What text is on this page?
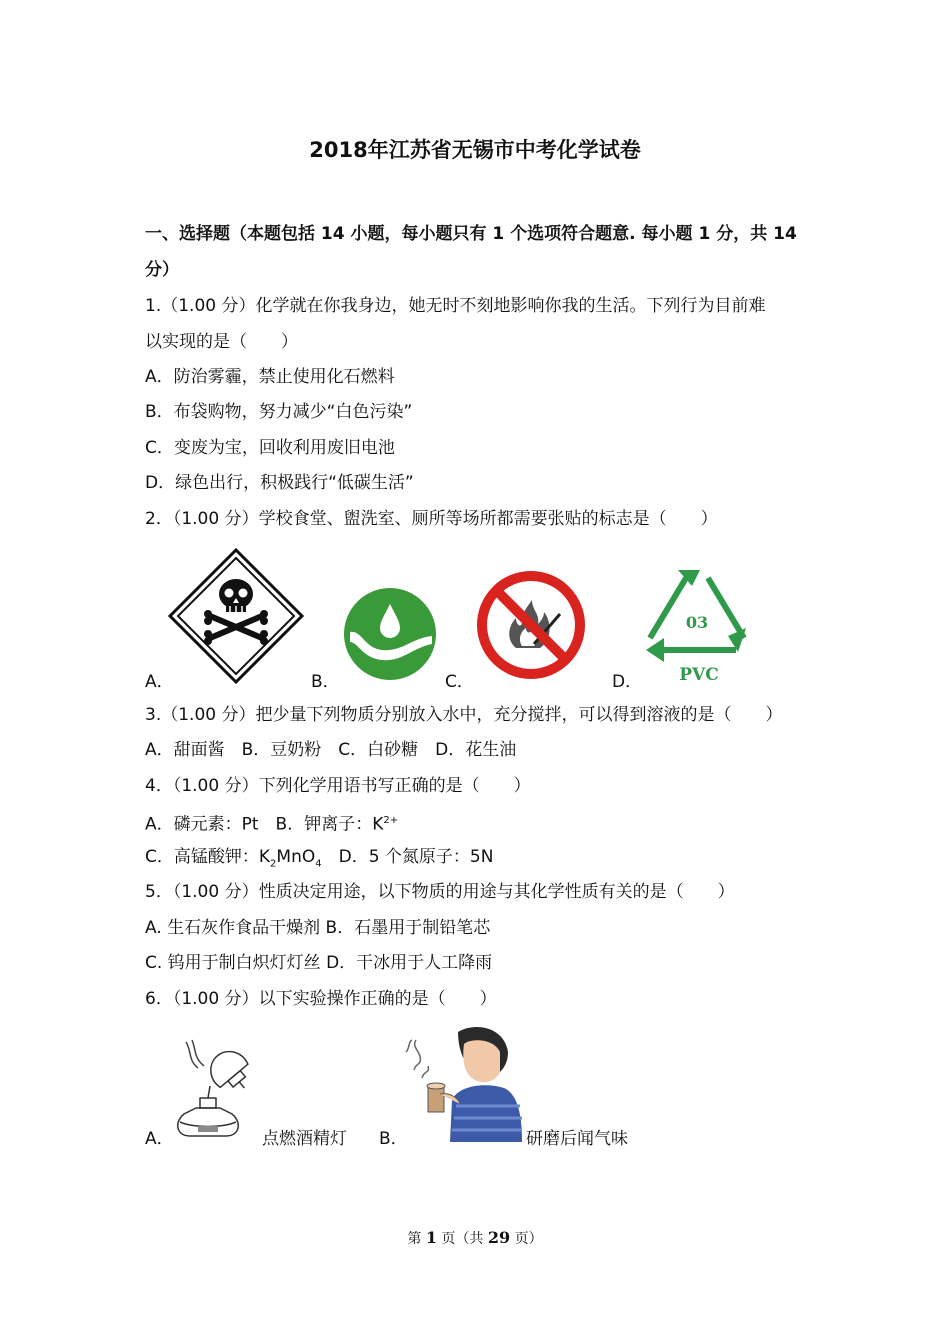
2018年江苏省无锡市中考化学试卷
一、选择题（本题包括 14 小题，每小题只有 1 个选项符合题意. 每小题 1 分，共 14
分）
1.（1.00 分）化学就在你我身边，她无时不刻地影响你我的生活。下列行为目前难
以实现的是（　　）
A．防治雾霾，禁止使用化石燃料
B．布袋购物，努力减少“白色污染”
C．变废为宝，回收利用废旧电池
D．绿色出行，积极践行“低碳生活”
2．（1.00 分）学校食堂、盥洗室、厕所等场所都需要张贴的标志是（　　）
A．	B．	C．
03
PVC
D．
3.（1.00 分）把少量下列物质分别放入水中，充分搅拌，可以得到溶液的是（　　）
A．甜面酱　B．豆奶粉　C．白砂糖　D．花生油
4．（1.00 分）下列化学用语书写正确的是（　　）
A．磷元素：Pt　B．钾离子：$K^{2+}$
C．高锰酸钾：$K_2MnO_4$　D．5 个氮原子：5N
5．（1.00 分）性质决定用途，以下物质的用途与其化学性质有关的是（　　）
A. 生石灰作食品干燥剂 B．石墨用于制铅笔芯
C. 钨用于制白炽灯灯丝 D．干冰用于人工降雨
6．（1.00 分）以下实验操作正确的是（　　）
A．	点燃酒精灯 B．	研磨后闻气味
第 1 页（共 29 页）
